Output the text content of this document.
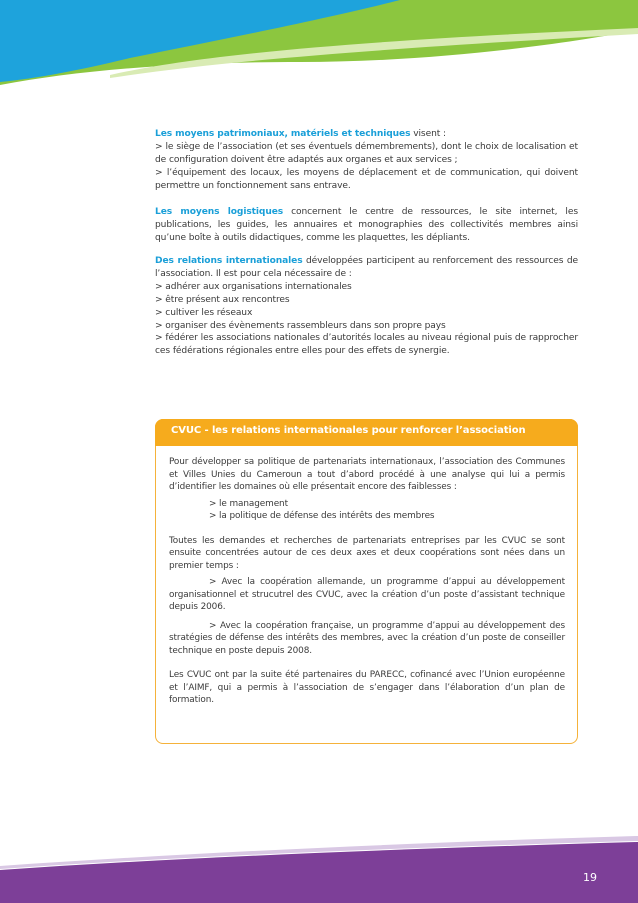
Les moyens patrimoniaux, matériels et techniques visent :

> le siège de l’association (et ses éventuels démembrements), dont le choix de localisation et de configuration doivent être adaptés aux organes et aux services ;

> l’équipement des locaux, les moyens de déplacement et de communication, qui doivent permettre un fonctionnement sans entrave.

Les moyens logistiques concernent le centre de ressources, le site internet, les publications, les guides, les annuaires et monographies des collectivités membres ainsi qu’une boîte à outils didactiques, comme les plaquettes, les dépliants.

Des relations internationales développées participent au renforcement des ressources de l’association. Il est pour cela nécessaire de :

> adhérer aux organisations internationales

> être présent aux rencontres

> cultiver les réseaux

> organiser des évènements rassembleurs dans son propre pays

> fédérer les associations nationales d’autorités locales au niveau régional puis de rapprocher ces fédérations régionales entre elles pour des effets de synergie.

CVUC - les relations internationales pour renforcer l’association

Pour développer sa politique de partenariats internationaux, l’association des Communes et Villes Unies du Cameroun a tout d’abord procédé à une analyse qui lui a permis d’identifier les domaines où elle présentait encore des faiblesses :

> le management
> la politique de défense des intérêts des membres

Toutes les demandes et recherches de partenariats entreprises par les CVUC se sont ensuite concentrées autour de ces deux axes et deux coopérations sont nées dans un premier temps :

> Avec la coopération allemande, un programme d’appui au développement organisationnel et strucutrel des CVUC, avec la création d’un poste d’assistant technique depuis 2006.

> Avec la coopération française, un programme d’appui au développement des stratégies de défense des intérêts des membres, avec la création d’un poste de conseiller technique en poste depuis 2008.

Les CVUC ont par la suite été partenaires du PARECC, cofinancé avec l’Union européenne et l’AIMF, qui a permis à l’association de s’engager dans l’élaboration d’un plan de formation.

19
